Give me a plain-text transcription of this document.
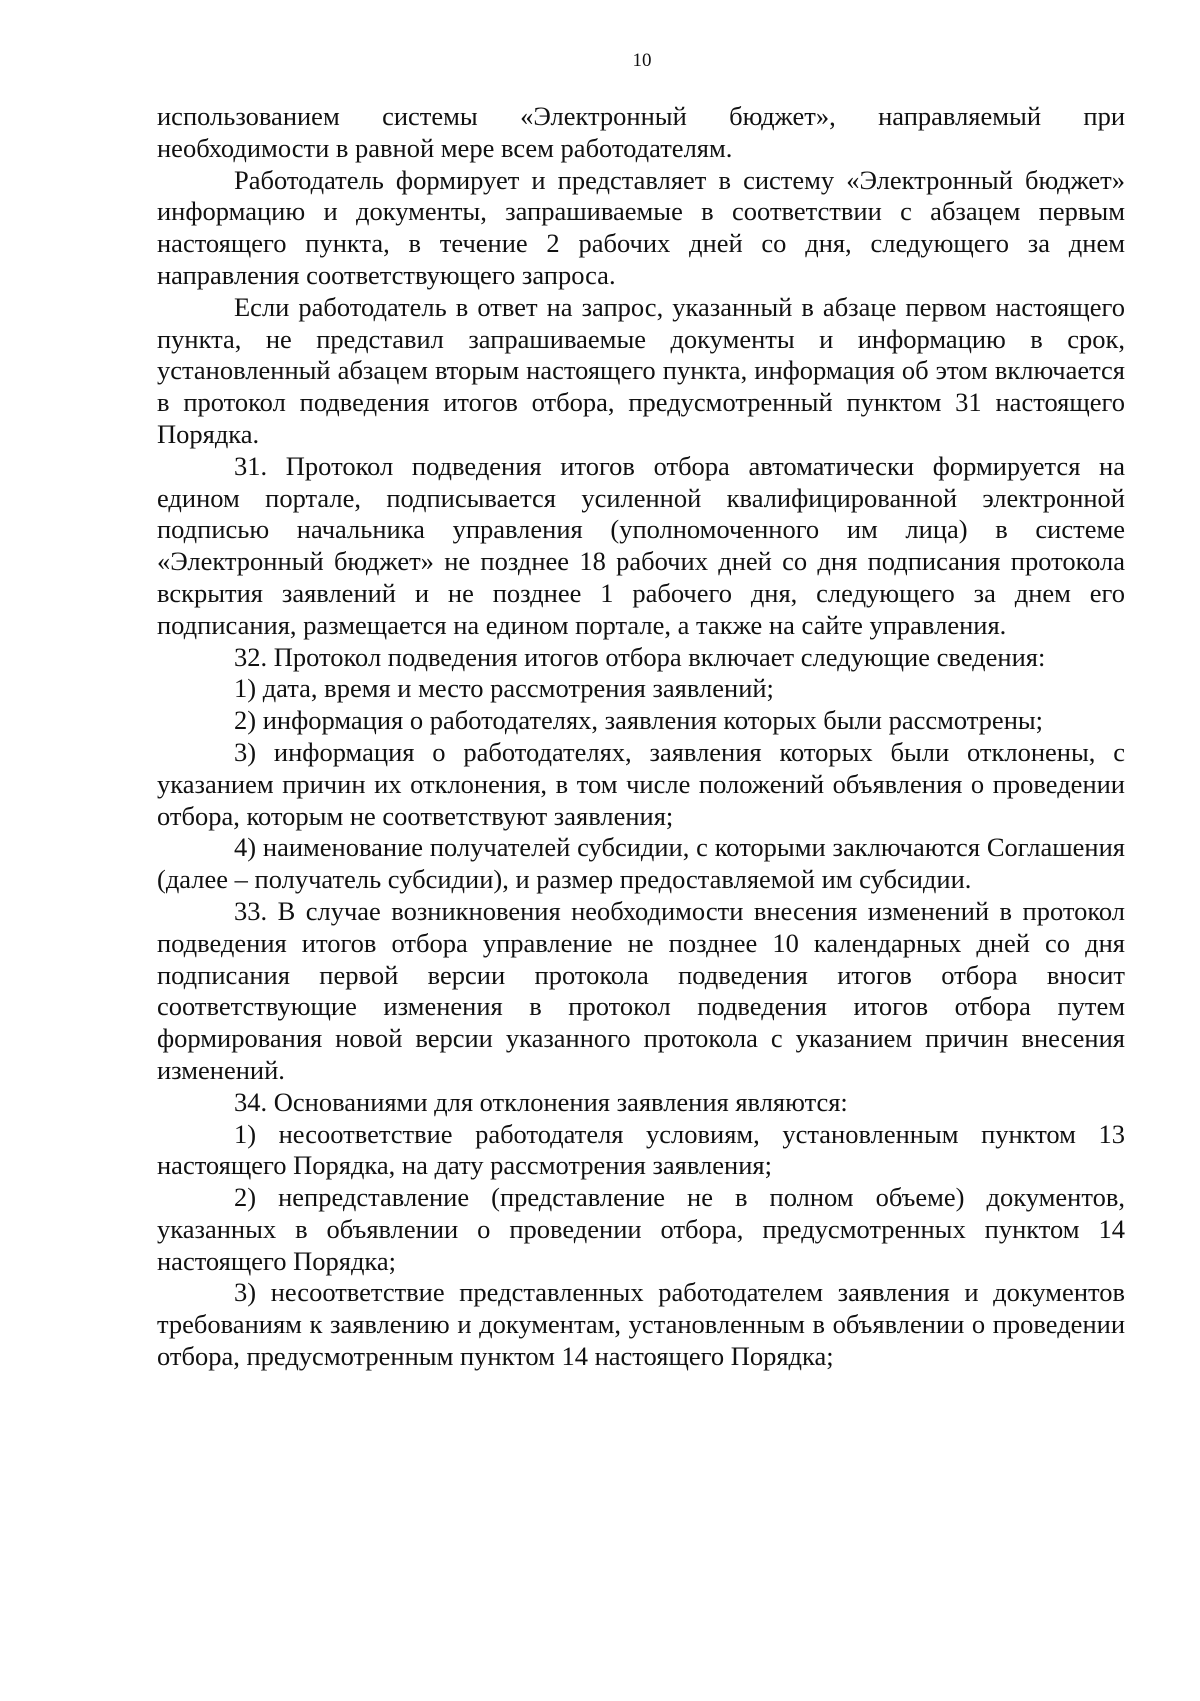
10

использованием системы «Электронный бюджет», направляемый при необходимости в равной мере всем работодателям.

Работодатель формирует и представляет в систему «Электронный бюджет» информацию и документы, запрашиваемые в соответствии с абзацем первым настоящего пункта, в течение 2 рабочих дней со дня, следующего за днем направления соответствующего запроса.

Если работодатель в ответ на запрос, указанный в абзаце первом настоящего пункта, не представил запрашиваемые документы и информацию в срок, установленный абзацем вторым настоящего пункта, информация об этом включается в протокол подведения итогов отбора, предусмотренный пунктом 31 настоящего Порядка.

31. Протокол подведения итогов отбора автоматически формируется на едином портале, подписывается усиленной квалифицированной электронной подписью начальника управления (уполномоченного им лица) в системе «Электронный бюджет» не позднее 18 рабочих дней со дня подписания протокола вскрытия заявлений и не позднее 1 рабочего дня, следующего за днем его подписания, размещается на едином портале, а также на сайте управления.

32. Протокол подведения итогов отбора включает следующие сведения:

1) дата, время и место рассмотрения заявлений;

2) информация о работодателях, заявления которых были рассмотрены;

3) информация о работодателях, заявления которых были отклонены, с указанием причин их отклонения, в том числе положений объявления о проведении отбора, которым не соответствуют заявления;

4) наименование получателей субсидии, с которыми заключаются Соглашения (далее – получатель субсидии), и размер предоставляемой им субсидии.

33. В случае возникновения необходимости внесения изменений в протокол подведения итогов отбора управление не позднее 10 календарных дней со дня подписания первой версии протокола подведения итогов отбора вносит соответствующие изменения в протокол подведения итогов отбора путем формирования новой версии указанного протокола с указанием причин внесения изменений.

34. Основаниями для отклонения заявления являются:

1) несоответствие работодателя условиям, установленным пунктом 13 настоящего Порядка, на дату рассмотрения заявления;

2) непредставление (представление не в полном объеме) документов, указанных в объявлении о проведении отбора, предусмотренных пунктом 14 настоящего Порядка;

3) несоответствие представленных работодателем заявления и документов требованиям к заявлению и документам, установленным в объявлении о проведении отбора, предусмотренным пунктом 14 настоящего Порядка;
